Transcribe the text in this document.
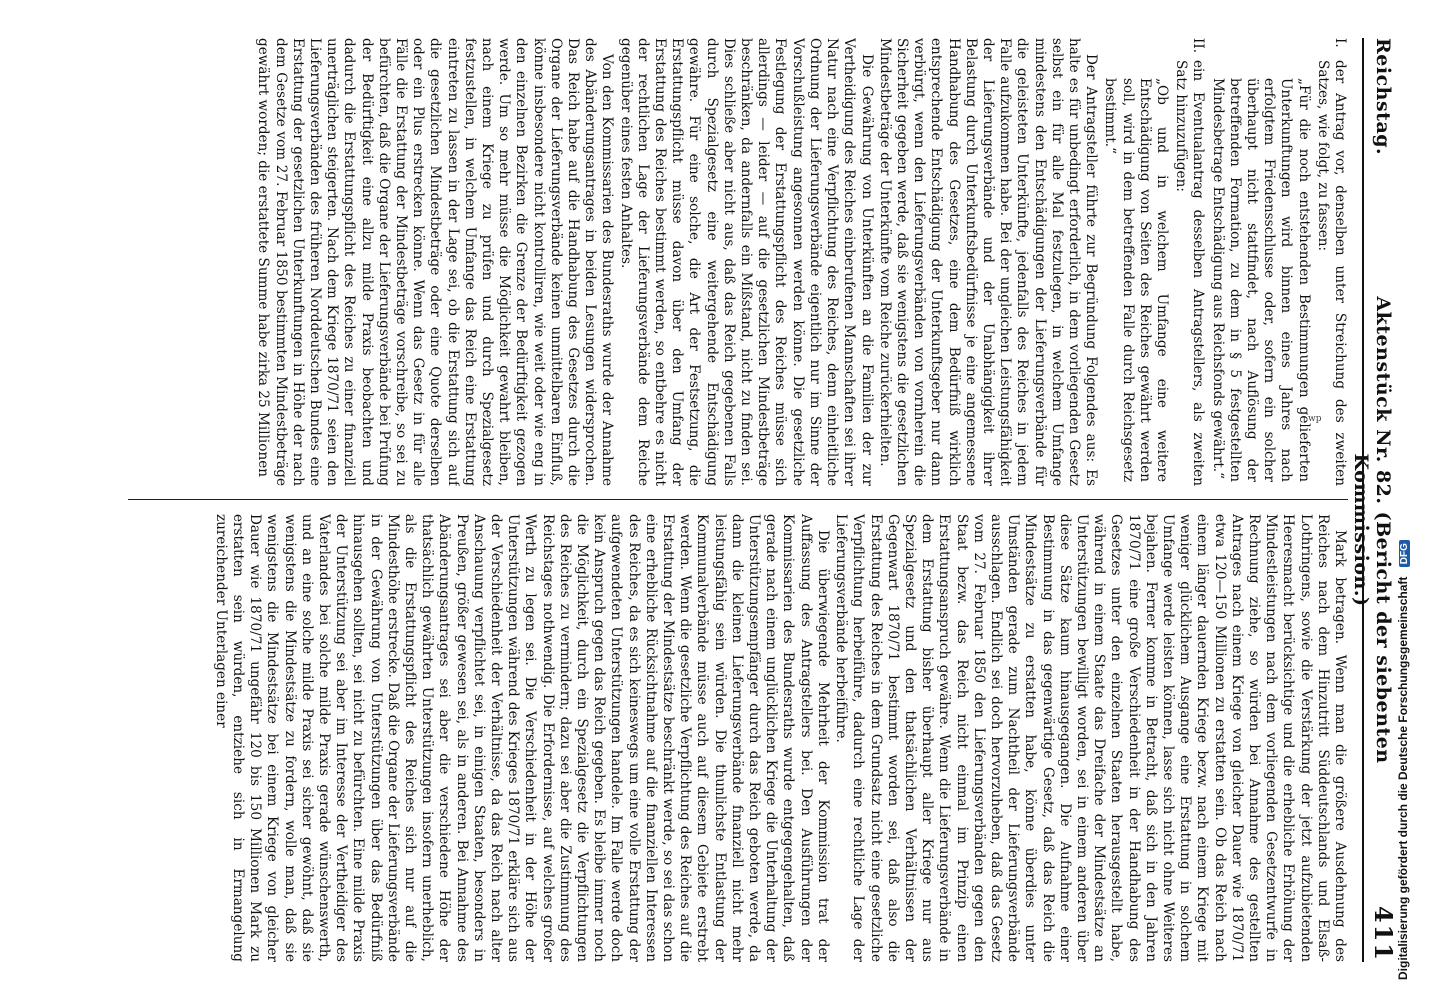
Reichstag.
Aktenstück Nr. 82. (Bericht der siebenten Kommission.)
411
I.der Antrag vor, denselben unter Streichung des zweiten Satzes, wie folgt, zu fassen:
„Für die noch entstehenden Bestimmungen gelieferten Unterkunftungen wird binnen eines Jahres nach erfolgtem Friedensschlusse oder, sofern ein solcher überhaupt nicht stattfindet, nach Auflösung der betreffenden Formation, zu dem in § 5 festgestellten Mindesbetrage Entschädigung aus Reichsfonds gewährt.“
II.ein Eventualantrag desselben Antragstellers, als zweiten Satz hinzuzufügen:
„Ob und in welchem Umfange eine weitere Entschädigung von Seiten des Reiches gewährt werden soll, wird in dem betreffenden Falle durch Reichsgesetz bestimmt.“

Der Antragsteller führte zur Begründung Folgendes aus: Es halte es für unbedingt erforderlich, in dem vorliegenden Gesetz selbst ein für alle Mal festzulegen, in welchem Umfange mindestens den Entschädigungen der Lieferungsverbände für die geleisteten Unterkünfte, jedenfalls des Reiches in jedem Falle aufzukommen habe. Bei der ungleichen Leistungsfähigkeit der Lieferungsverbände und der Unabhängigkeit ihrer Belastung durch Unterkunftsbedürfnisse je eine angemessene Handhabung des Gesetzes, eine dem Bedürfniß wirklich entsprechende Entschädigung der Unterkunftsgeber nur dann verbürgt, wenn den Lieferungsverbänden von vornherein die Sicherheit gegeben werde, daß sie wenigstens die gesetzlichen Mindestbeträge der Unterkünfte vom Reiche zurückerhielten.

Die Gewährung von Unterkünften an die Familien der zur Vertheidigung des Reiches einberufenen Mannschaften sei ihrer Natur nach eine Verpflichtung des Reiches, denn einheitliche Ordnung der Lieferungsverbände eigentlich nur im Sinne der Vorschußleistung angesonnen werden könne. Die gesetzliche Festlegung der Erstattungspflicht des Reiches müsse sich allerdings — leider — auf die gesetzlichen Mindestbeträge beschränken, da andernfalls ein Mißstand, nicht zu finden sei. Dies schließe aber nicht aus, daß das Reich gegebenen Falls durch Spezialgesetz eine weitergehende Entschädigung gewähre. Für eine solche, die Art der Festsetzung, die Erstattungspflicht müsse davon über den Umfang der Erstattung des Reiches bestimmt werden, so entbehre es nicht der rechtlichen Lage der Lieferungsverbände dem Reiche gegenüber eines festen Anhaltes.

Von den Kommissarien des Bundesraths wurde der Annahme des Abänderungsantrages in beiden Lesungen widersprochen. Das Reich habe auf die Handhabung des Gesetzes durch die Organe der Lieferungsverbände keinen unmittelbaren Einfluß, könne insbesondere nicht kontrolliren, wie weit oder wie eng in den einzelnen Bezirken die Grenze der Bedürftigkeit gezogen werde. Um so mehr müsse die Möglichkeit gewahrt bleiben, nach einem Kriege zu prüfen und durch Spezialgesetz festzustellen, in welchem Umfange das Reich eine Erstattung eintreten zu lassen in der Lage sei, ob die Erstattung sich auf die gesetzlichen Mindestbeträge oder eine Quote derselben oder ein Plus erstrecken könne. Wenn das Gesetz in für alle Fälle die Erstattung der Mindestbeträge vorschreibe, so sei zu befürchten, daß die Organe der Lieferungsverbände bei Prüfung der Bedürftigkeit eine allzu milde Praxis beobachten und dadurch die Erstattungspflicht des Reiches zu einer finanziell unerträglichen steigerten. Nach dem Kriege 1870/71 seien den Lieferungsverbänden des früheren Norddeutschen Bundes eine Erstattung der gesetzlichen Unterkunftungen in Höhe der nach dem Gesetze vom 27. Februar 1850 bestimmten Mindestbeträge gewährt worden; die erstattete Summe habe zirka 25 Millionen

Mark betragen. Wenn man die größere Ausdehnung des Reiches nach dem Hinzutritt Süddeutschlands und Elsaß-Lothringens, sowie die Verstärkung der jetzt aufzubietenden Heeresmacht berücksichtige und die erhebliche Erhöhung der Mindestleistungen nach dem vorliegenden Gesetzentwurfe in Rechnung ziehe, so würden bei Annahme des gestellten Antrages nach einem Kriege von gleicher Dauer wie 1870/71 etwa 120—150 Millionen zu erstatten sein. Ob das Reich nach einem länger dauernden Kriege bezw. nach einem Kriege mit weniger glücklichem Ausgange eine Erstattung in solchem Umfange werde leisten können, lasse sich nicht ohne Weiteres bejahen. Ferner komme in Betracht, daß sich in den Jahren 1870/71 eine große Verschiedenheit in der Handhabung des Gesetzes unter den einzelnen Staaten herausgestellt habe, während in einem Staate das Dreifache der Mindestsätze an Unterstützungen bewilligt worden, sei in einem anderen über diese Sätze kaum hinausgegangen. Die Aufnahme einer Bestimmung in das gegenwärtige Gesetz, daß das Reich die Mindestsätze zu erstatten habe, könne überdies unter Umständen gerade zum Nachtheil der Lieferungsverbände ausschlagen. Endlich sei doch hervorzuheben, daß das Gesetz vom 27. Februar 1850 den Lieferungsverbänden gegen den Staat bezw. das Reich nicht einmal im Prinzip einen Erstattungsanspruch gewähre. Wenn die Lieferungsverbände in dem Erstattung bisher überhaupt aller Kriege nur aus Spezialgesetz und den thatsächlichen Verhältnissen der Gegenwart 1870/71 bestimmt worden sei, daß also die Erstattung des Reiches in dem Grundsatz nicht eine gesetzliche Verpflichtung herbeiführe, dadurch eine rechtliche Lage der Lieferungsverbände herbeiführe.

Die überwiegende Mehrheit der Kommission trat der Auffassung des Antragstellers bei. Den Ausführungen der Kommissarien des Bundesraths wurde entgegengehalten, daß gerade nach einem unglücklichen Kriege die Unterhaltung der Unterstützungsempfänger durch das Reich geboten werde, da dann die kleinen Lieferungsverbände finanziell nicht mehr leistungsfähig sein würden. Die thunlichste Entlastung der Kommunalverbände müsse auch auf diesem Gebiete erstrebt werden. Wenn die gesetzliche Verpflichtung des Reiches auf die Erstattung der Mindestsätze beschränkt werde, so sei das schon eine erhebliche Rücksichtnahme auf die finanziellen Interessen des Reiches, da es sich keineswegs um eine volle Erstattung der aufgewendeten Unterstützungen handele. Im Falle werde doch kein Anspruch gegen das Reich gegeben. Es bleibe immer noch die Möglichkeit, durch ein Spezialgesetz die Verpflichtungen des Reiches zu vermindern; dazu sei aber die Zustimmung des Reichstages nothwendig. Die Erfordernisse, auf welches großer Werth zu legen sei. Die Verschiedenheit in der Höhe der Unterstützungen während des Krieges 1870/71 erkläre sich aus der Verschiedenheit der Verhältnisse, da das Reich nach alter Anschauung verpflichtet sei, in einigen Staaten, besonders in Preußen, größer gewesen sei, als in anderen. Bei Annahme des Abänderungsantrages sei aber die verschiedene Höhe der thatsächlich gewährten Unterstützungen insofern unerheblich, als die Erstattungspflicht des Reiches sich nur auf die Mindesthöhe erstrecke. Daß die Organe der Lieferungsverbände in der Gewährung von Unterstützungen über das Bedürfniß hinausgehen sollten, sei nicht zu befürchten. Eine milde Praxis der Unterstützung sei aber im Interesse der Vertheidiger des Vaterlandes bei solche milde Praxis gerade wünschenswerth, und an eine solche milde Praxis sei sicher gewöhnt, daß sie wenigstens die Mindestsätze zu fordern, wolle man, daß sie wenigstens die Mindestsätze bei einem Kriege von gleicher Dauer wie 1870/71 ungefähr 120 bis 150 Millionen Mark zu erstatten sein würden, entziehe sich in Ermangelung zureichender Unterlagen einer

wp
Digitalisierung gefördert durch die Deutsche Forschungsgemeinschaft DFG
